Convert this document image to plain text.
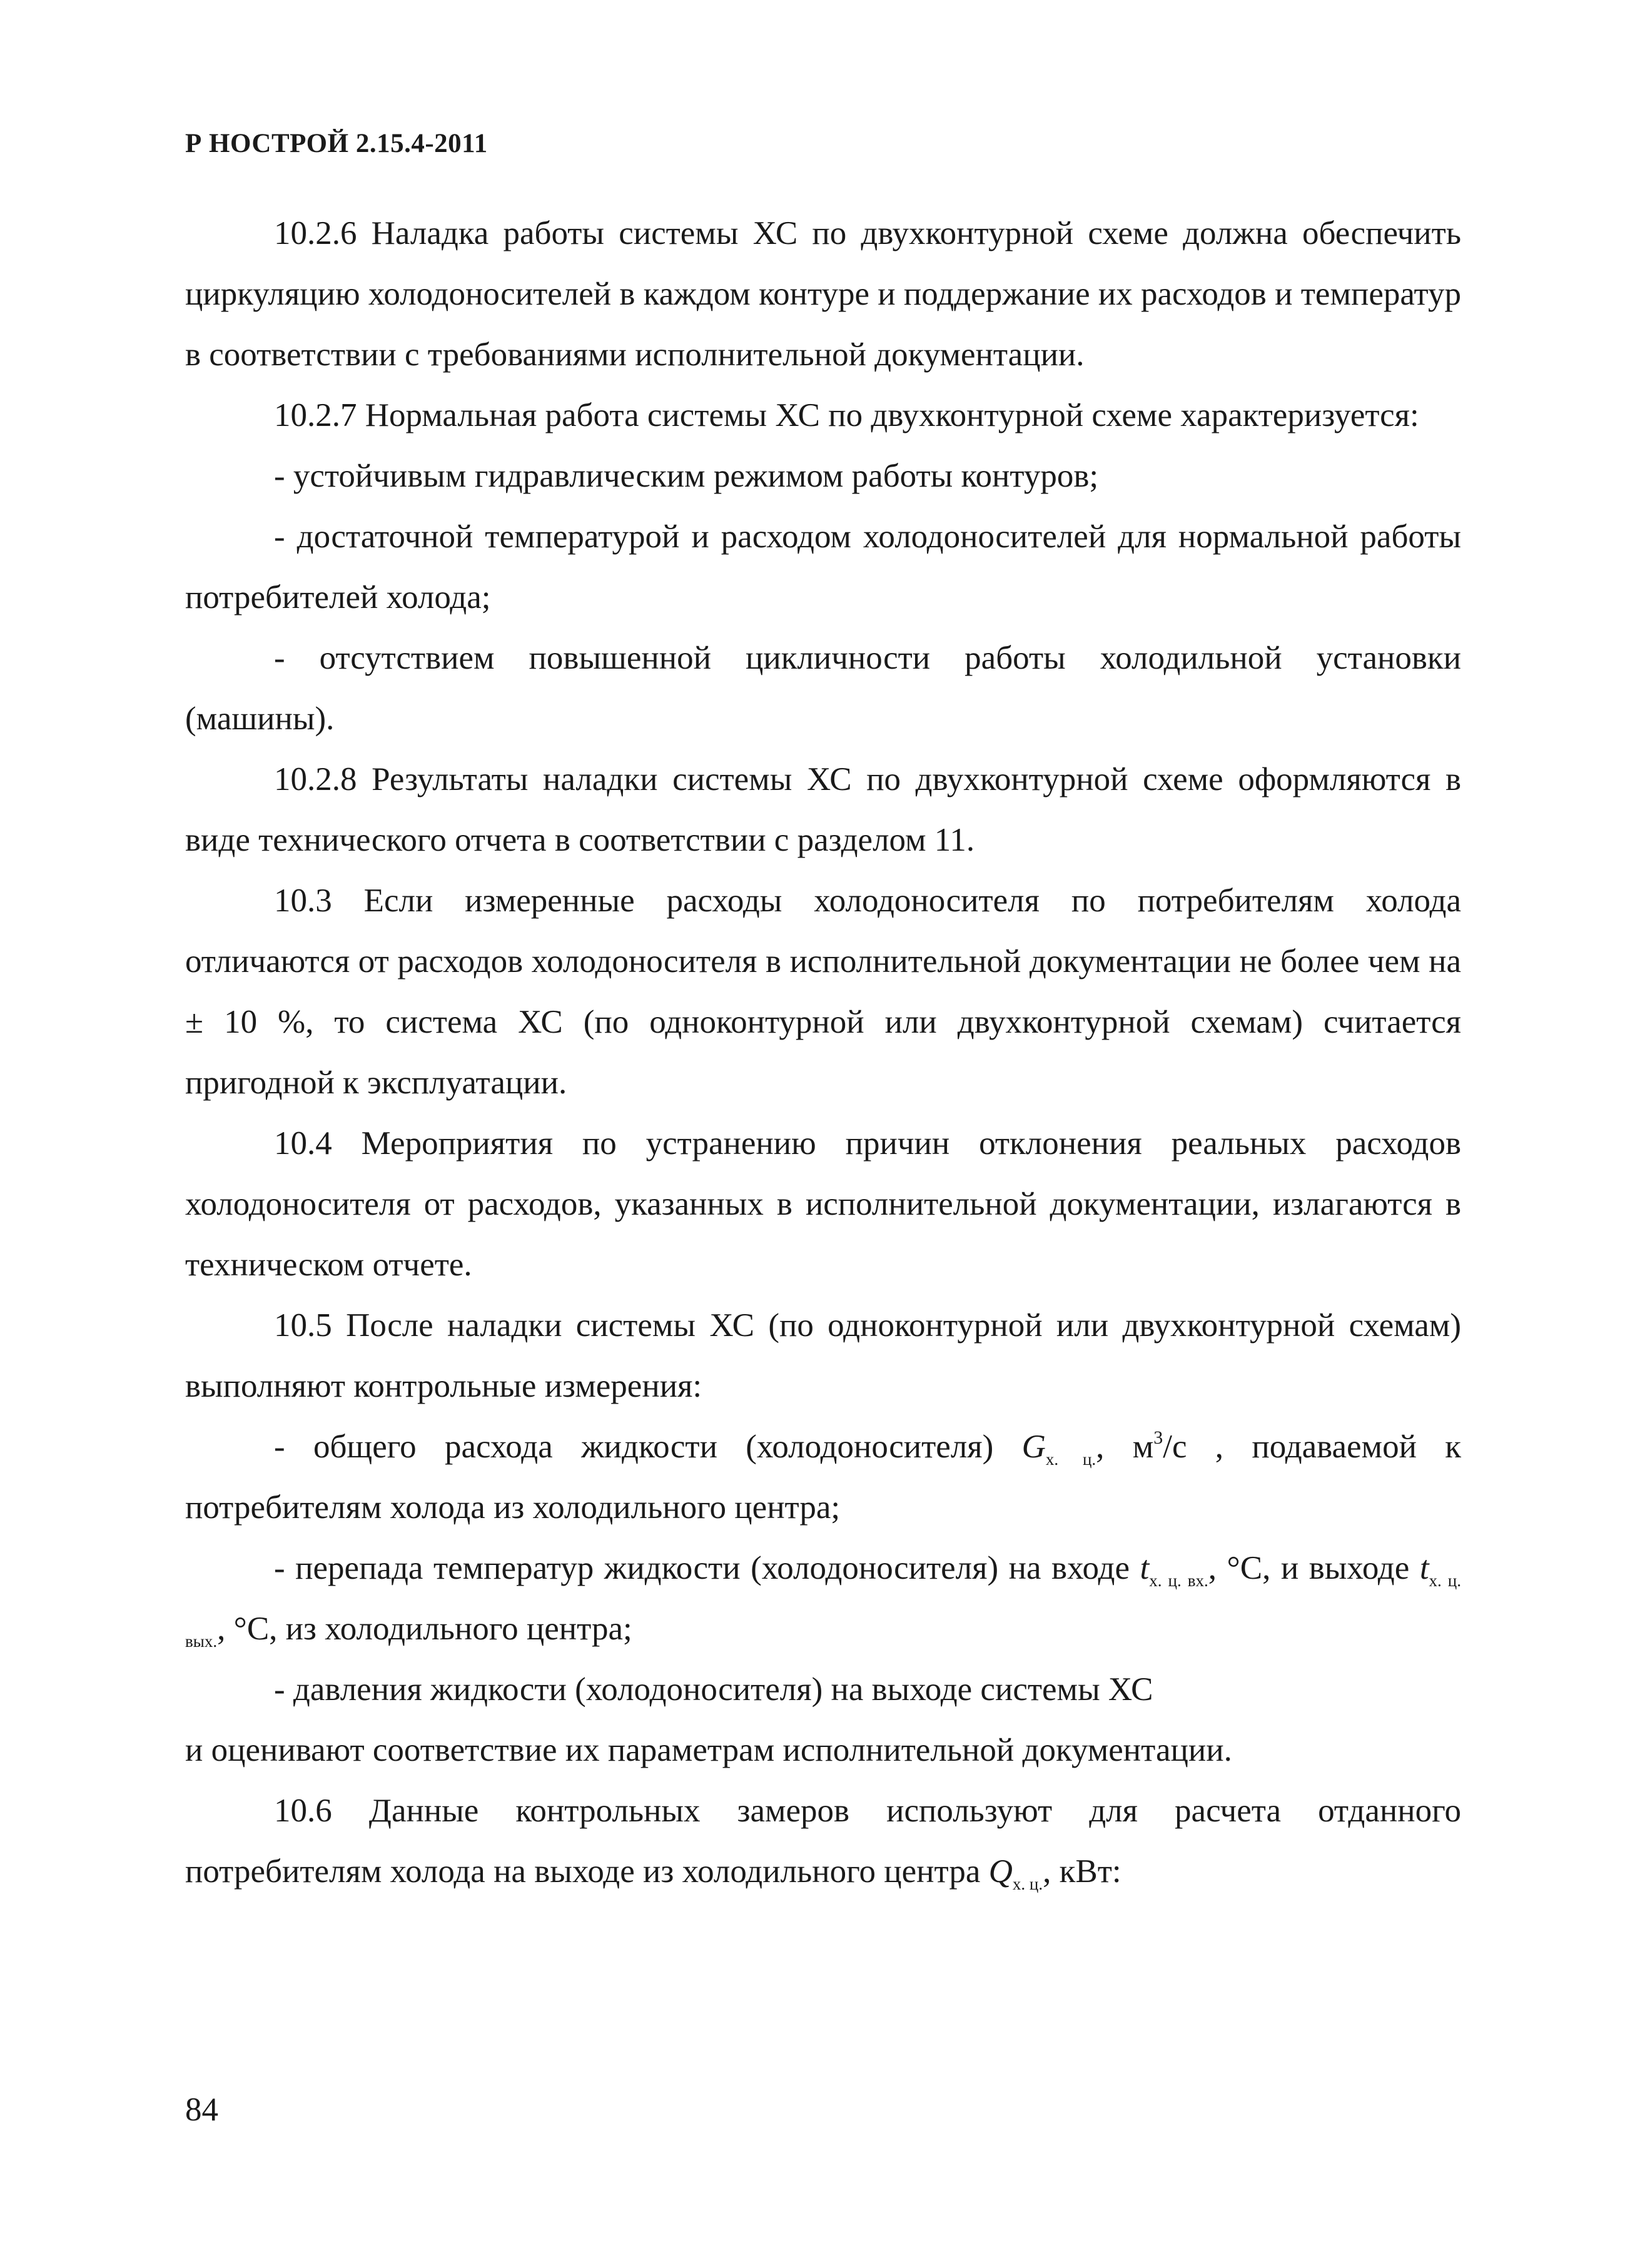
Р НОСТРОЙ 2.15.4-2011

10.2.6 Наладка работы системы ХС по двухконтурной схеме должна обеспечить циркуляцию холодоносителей в каждом контуре и поддержание их расходов и температур в соответствии с требованиями исполнительной документации.

10.2.7 Нормальная работа системы ХС по двухконтурной схеме характеризуется:

- устойчивым гидравлическим режимом работы контуров;

- достаточной температурой и расходом холодоносителей для нормальной работы потребителей холода;

- отсутствием повышенной цикличности работы холодильной установки (машины).

10.2.8 Результаты наладки системы ХС по двухконтурной схеме оформляются в виде технического отчета в соответствии с разделом 11.

10.3 Если измеренные расходы холодоносителя по потребителям холода отличаются от расходов холодоносителя в исполнительной документации не более чем на ± 10 %, то система ХС (по одноконтурной или двухконтурной схемам) считается пригодной к эксплуатации.

10.4 Мероприятия по устранению причин отклонения реальных расходов холодоносителя от расходов, указанных в исполнительной документации, излагаются в техническом отчете.

10.5 После наладки системы ХС (по одноконтурной или двухконтурной схемам) выполняют контрольные измерения:

- общего расхода жидкости (холодоносителя) $G_{х. ц.}$, $м^3/с$ , подаваемой к потребителям холода из холодильного центра;

- перепада температур жидкости (холодоносителя) на входе $t_{х. ц. вх.}$, °С, и выходе $t_{х. ц. вых.}$, °С, из холодильного центра;

- давления жидкости (холодоносителя) на выходе системы ХС

и оценивают соответствие их параметрам исполнительной документации.

10.6 Данные контрольных замеров используют для расчета отданного потребителям холода на выходе из холодильного центра $Q_{х. ц.}$, кВт:

84
